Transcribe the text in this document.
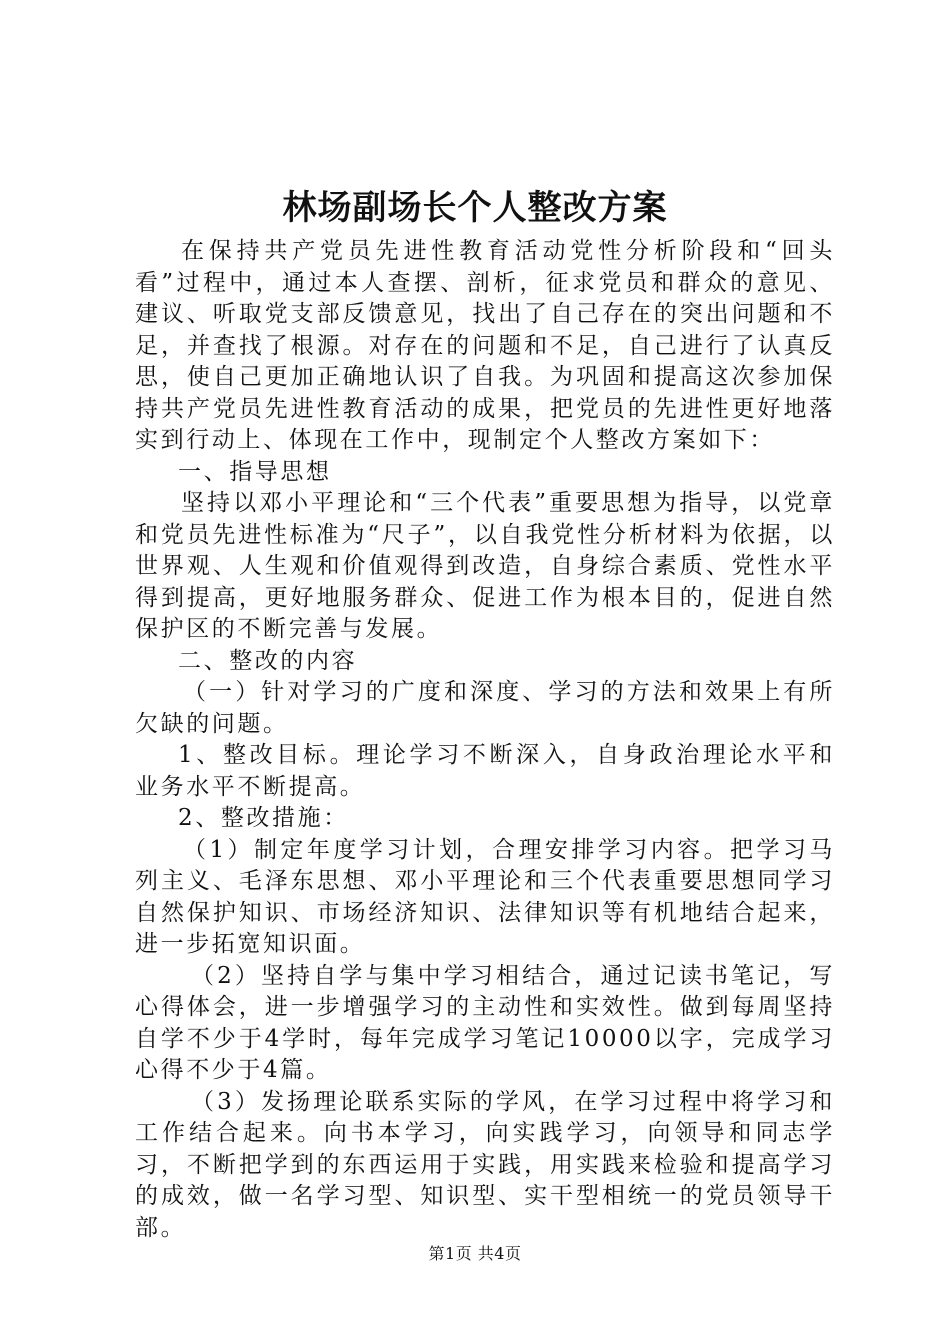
林场副场长个人整改方案

在保持共产党员先进性教育活动党性分析阶段和“回头看”过程中，通过本人查摆、剖析，征求党员和群众的意见、建议、听取党支部反馈意见，找出了自己存在的突出问题和不足，并查找了根源。对存在的问题和不足，自己进行了认真反思，使自己更加正确地认识了自我。为巩固和提高这次参加保持共产党员先进性教育活动的成果，把党员的先进性更好地落实到行动上、体现在工作中，现制定个人整改方案如下：

一、指导思想

坚持以邓小平理论和“三个代表”重要思想为指导，以党章和党员先进性标准为“尺子”，以自我党性分析材料为依据，以世界观、人生观和价值观得到改造，自身综合素质、党性水平得到提高，更好地服务群众、促进工作为根本目的，促进自然保护区的不断完善与发展。

二、整改的内容

（一）针对学习的广度和深度、学习的方法和效果上有所欠缺的问题。

1、整改目标。理论学习不断深入，自身政治理论水平和业务水平不断提高。

2、整改措施：

（1）制定年度学习计划，合理安排学习内容。把学习马列主义、毛泽东思想、邓小平理论和三个代表重要思想同学习自然保护知识、市场经济知识、法律知识等有机地结合起来，进一步拓宽知识面。

（2）坚持自学与集中学习相结合，通过记读书笔记，写心得体会，进一步增强学习的主动性和实效性。做到每周坚持自学不少于4学时，每年完成学习笔记10000以字，完成学习心得不少于4篇。

（3）发扬理论联系实际的学风，在学习过程中将学习和工作结合起来。向书本学习，向实践学习，向领导和同志学习，不断把学到的东西运用于实践，用实践来检验和提高学习的成效，做一名学习型、知识型、实干型相统一的党员领导干部。

第1页 共4页
